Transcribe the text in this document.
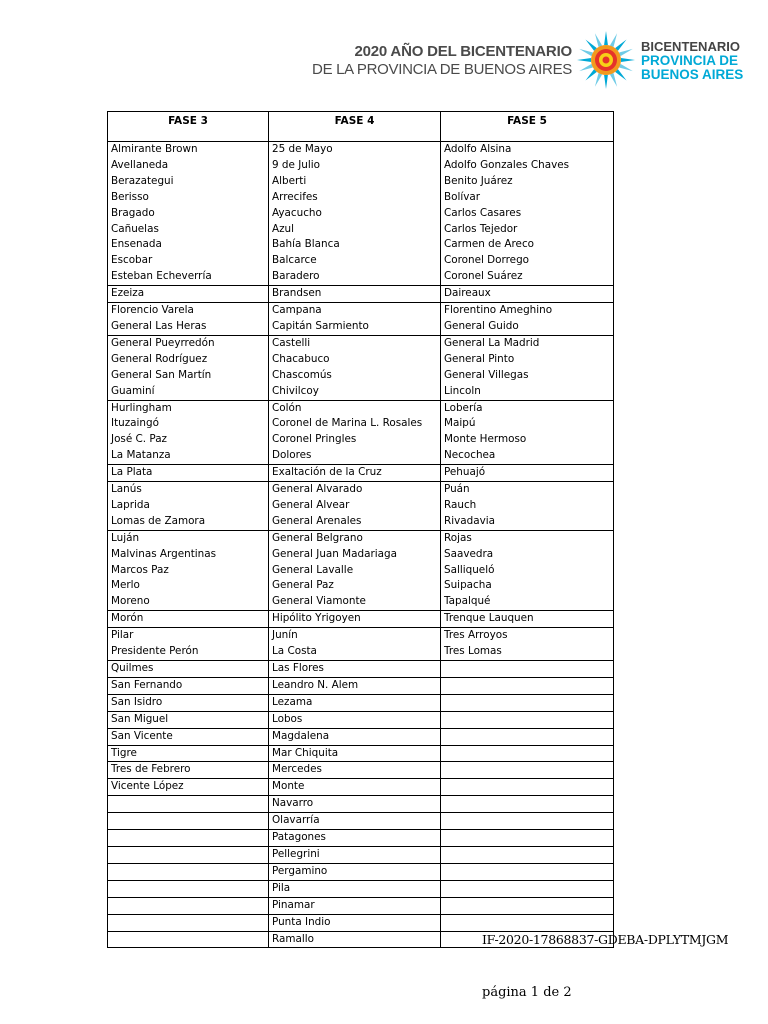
2020 AÑO DEL BICENTENARIO
DE LA PROVINCIA DE BUENOS AIRES
BICENTENARIO
PROVINCIA DE
BUENOS AIRES
FASE 3	FASE 4	FASE 5
Almirante Brown	25 de Mayo	Adolfo Alsina
Avellaneda	9 de Julio	Adolfo Gonzales Chaves
Berazategui	Alberti	Benito Juárez
Berisso	Arrecifes	Bolívar
Bragado	Ayacucho	Carlos Casares
Cañuelas	Azul	Carlos Tejedor
Ensenada	Bahía Blanca	Carmen de Areco
Escobar	Balcarce	Coronel Dorrego
Esteban Echeverría	Baradero	Coronel Suárez
Ezeiza	Brandsen	Daireaux
Florencio Varela	Campana	Florentino Ameghino
General Las Heras	Capitán Sarmiento	General Guido
General Pueyrredón	Castelli	General La Madrid
General Rodríguez	Chacabuco	General Pinto
General San Martín	Chascomús	General Villegas
Guaminí	Chivilcoy	Lincoln
Hurlingham	Colón	Lobería
Ituzaingó	Coronel de Marina L. Rosales	Maipú
José C. Paz	Coronel Pringles	Monte Hermoso
La Matanza	Dolores	Necochea
La Plata	Exaltación de la Cruz	Pehuajó
Lanús	General Alvarado	Puán
Laprida	General Alvear	Rauch
Lomas de Zamora	General Arenales	Rivadavia
Luján	General Belgrano	Rojas
Malvinas Argentinas	General Juan Madariaga	Saavedra
Marcos Paz	General Lavalle	Salliqueló
Merlo	General Paz	Suipacha
Moreno	General Viamonte	Tapalqué
Morón	Hipólito Yrigoyen	Trenque Lauquen
Pilar	Junín	Tres Arroyos
Presidente Perón	La Costa	Tres Lomas
Quilmes	Las Flores	
San Fernando	Leandro N. Alem	
San Isidro	Lezama	
San Miguel	Lobos	
San Vicente	Magdalena	
Tigre	Mar Chiquita	
Tres de Febrero	Mercedes	
Vicente López	Monte	
	Navarro	
	Olavarría	
	Patagones	
	Pellegrini	
	Pergamino	
	Pila	
	Pinamar	
	Punta Indio	
	Ramallo		IF-2020-17868837-GDEBA-DPLYTMJGM
página 1 de 2
